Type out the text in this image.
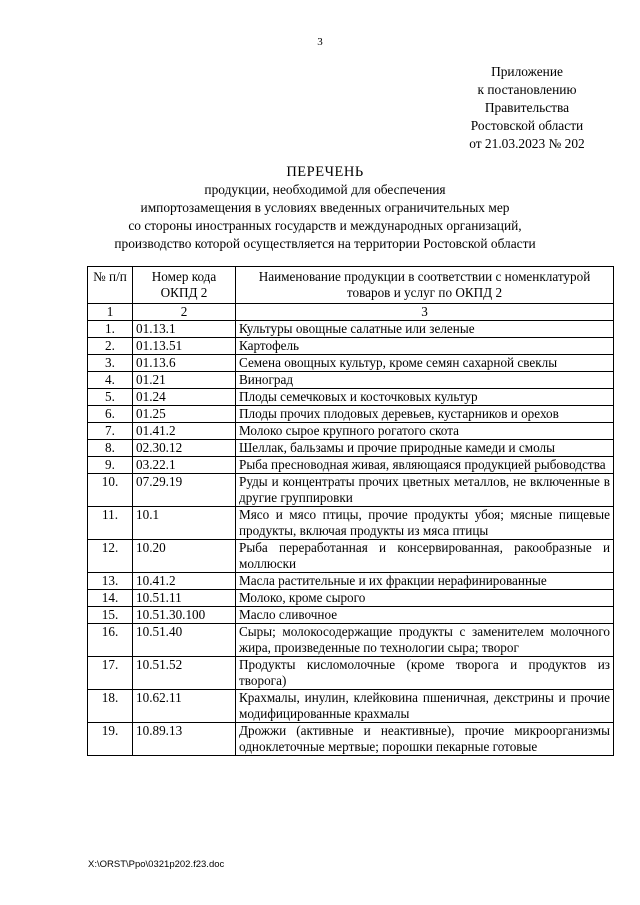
3
Приложение
к постановлению
Правительства
Ростовской области
от 21.03.2023 № 202
ПЕРЕЧЕНЬ
продукции, необходимой для обеспечения
импортозамещения в условиях введенных ограничительных мер
со стороны иностранных государств и международных организаций,
производство которой осуществляется на территории Ростовской области
№ п/п	Номер кода ОКПД 2	Наименование продукции в соответствии с номенклатурой товаров и услуг по ОКПД 2
1	2	3
1.	01.13.1	Культуры овощные салатные или зеленые
2.	01.13.51	Картофель
3.	01.13.6	Семена овощных культур, кроме семян сахарной свеклы
4.	01.21	Виноград
5.	01.24	Плоды семечковых и косточковых культур
6.	01.25	Плоды прочих плодовых деревьев, кустарников и орехов
7.	01.41.2	Молоко сырое крупного рогатого скота
8.	02.30.12	Шеллак, бальзамы и прочие природные камеди и смолы
9.	03.22.1	Рыба пресноводная живая, являющаяся продукцией рыбоводства
10.	07.29.19	Руды и концентраты прочих цветных металлов, не включенные в другие группировки
11.	10.1	Мясо и мясо птицы, прочие продукты убоя; мясные пищевые продукты, включая продукты из мяса птицы
12.	10.20	Рыба переработанная и консервированная, ракообразные и моллюски
13.	10.41.2	Масла растительные и их фракции нерафинированные
14.	10.51.11	Молоко, кроме сырого
15.	10.51.30.100	Масло сливочное
16.	10.51.40	Сыры; молокосодержащие продукты с заменителем молочного жира, произведенные по технологии сыра; творог
17.	10.51.52	Продукты кисломолочные (кроме творога и продуктов из творога)
18.	10.62.11	Крахмалы, инулин, клейковина пшеничная, декстрины и прочие модифицированные крахмалы
19.	10.89.13	Дрожжи (активные и неактивные), прочие микроорганизмы одноклеточные мертвые; порошки пекарные готовые
X:\ORST\Ppo\0321p202.f23.doc
